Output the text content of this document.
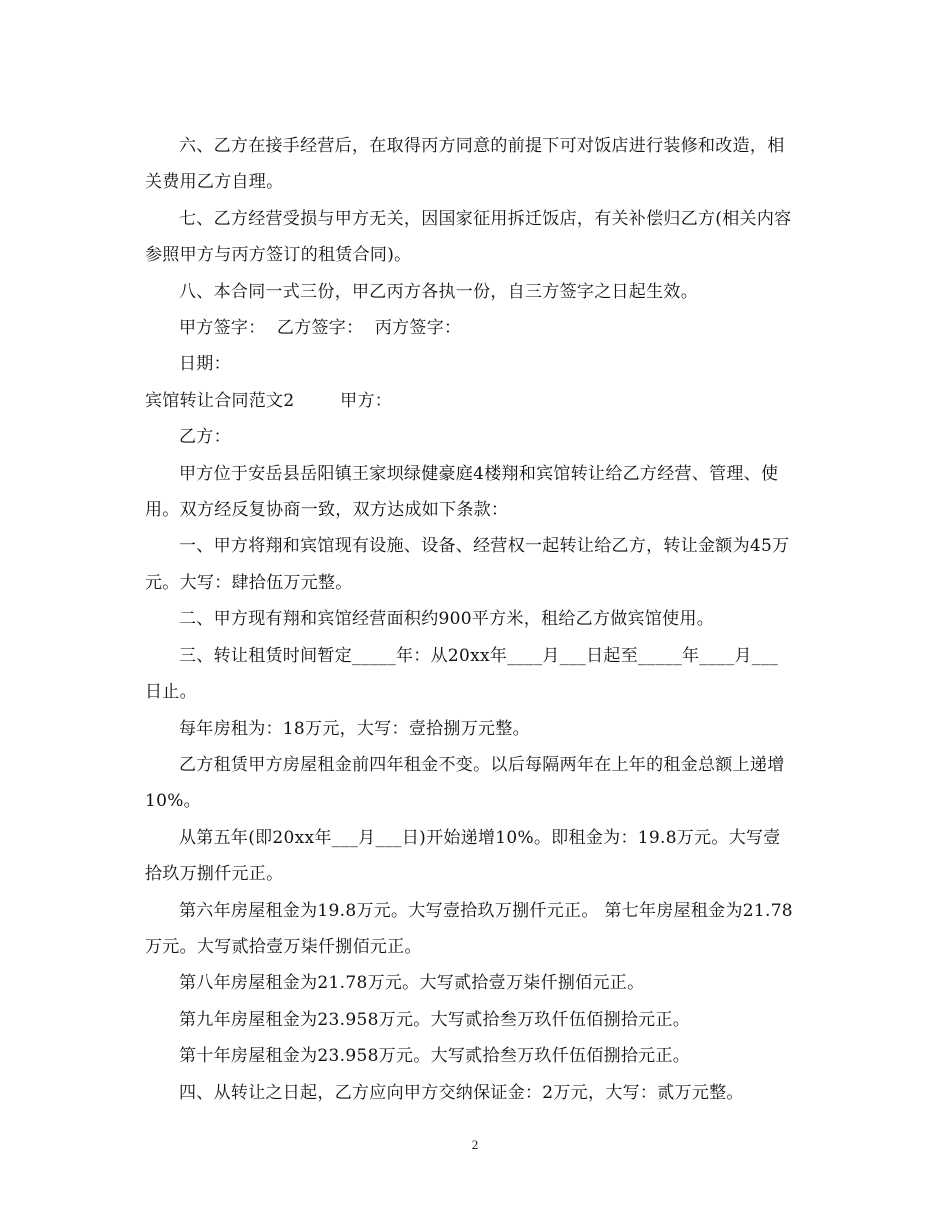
六、乙方在接手经营后，在取得丙方同意的前提下可对饭店进行装修和改造，相关费用乙方自理。

七、乙方经营受损与甲方无关，因国家征用拆迁饭店，有关补偿归乙方(相关内容参照甲方与丙方签订的租赁合同)。

八、本合同一式三份，甲乙丙方各执一份，自三方签字之日起生效。

甲方签字：  乙方签字：  丙方签字：

日期：

宾馆转让合同范文2        甲方：

乙方：

甲方位于安岳县岳阳镇王家坝绿健豪庭4楼翔和宾馆转让给乙方经营、管理、使用。双方经反复协商一致，双方达成如下条款：

一、甲方将翔和宾馆现有设施、设备、经营权一起转让给乙方，转让金额为45万元。大写：肆拾伍万元整。

二、甲方现有翔和宾馆经营面积约900平方米，租给乙方做宾馆使用。

三、转让租赁时间暂定_____年：从20xx年____月___日起至_____年____月___日止。

每年房租为：18万元，大写：壹拾捌万元整。

乙方租赁甲方房屋租金前四年租金不变。以后每隔两年在上年的租金总额上递增10%。

从第五年(即20xx年___月___日)开始递增10%。即租金为：19.8万元。大写壹拾玖万捌仟元正。

第六年房屋租金为19.8万元。大写壹拾玖万捌仟元正。 第七年房屋租金为21.78万元。大写贰拾壹万柒仟捌佰元正。

第八年房屋租金为21.78万元。大写贰拾壹万柒仟捌佰元正。

第九年房屋租金为23.958万元。大写贰拾叁万玖仟伍佰捌拾元正。

第十年房屋租金为23.958万元。大写贰拾叁万玖仟伍佰捌拾元正。

四、从转让之日起，乙方应向甲方交纳保证金：2万元，大写：贰万元整。

2
